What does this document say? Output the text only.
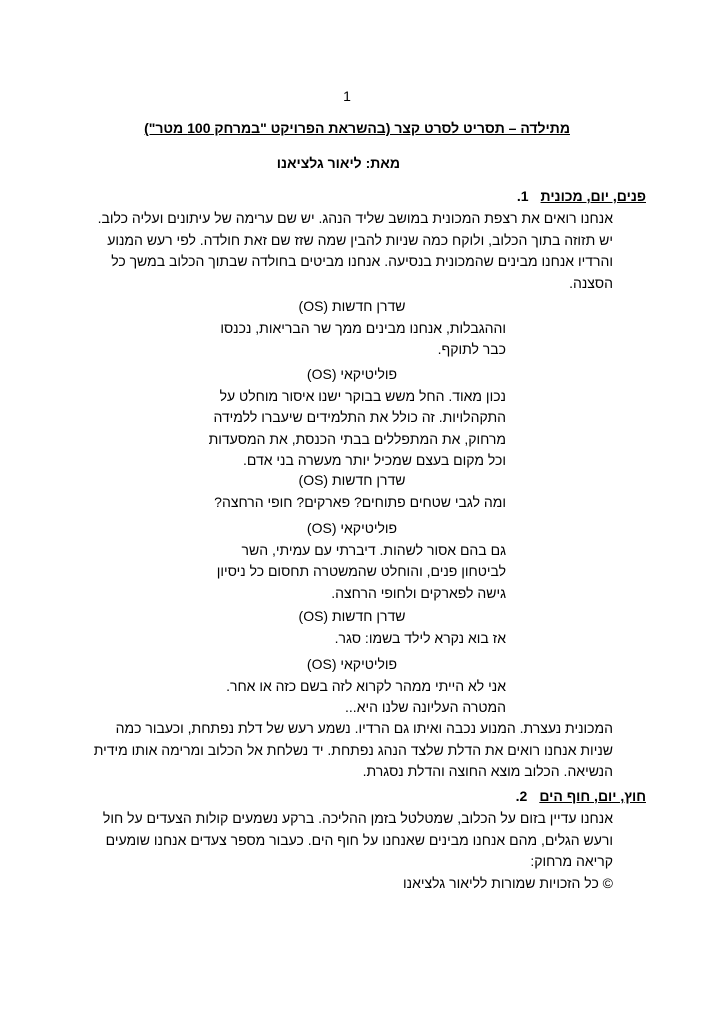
1
מתילדה – תסריט לסרט קצר (בהשראת הפרויקט "במרחק 100 מטר")
מאת: ליאור גלציאנו
פנים, יום, מכונית1.
אנחנו רואים את רצפת המכונית במושב שליד הנהג. יש שם ערימה של עיתונים ועליה כלוב.
יש תזוזה בתוך הכלוב, ולוקח כמה שניות להבין שמה שזז שם זאת חולדה. לפי רעש המנוע
והרדיו אנחנו מבינים שהמכונית בנסיעה. אנחנו מביטים בחולדה שבתוך הכלוב במשך כל
הסצנה.
שדרן חדשות (OS)
וההגבלות, אנחנו מבינים ממך שר הבריאות, נכנסו
כבר לתוקף.
פוליטיקאי (OS)
נכון מאוד. החל משש בבוקר ישנו איסור מוחלט על
התקהלויות. זה כולל את התלמידים שיעברו ללמידה
מרחוק, את המתפללים בבתי הכנסת, את המסעדות
וכל מקום בעצם שמכיל יותר מעשרה בני אדם.
שדרן חדשות (OS)
ומה לגבי שטחים פתוחים? פארקים? חופי הרחצה?
פוליטיקאי (OS)
גם בהם אסור לשהות. דיברתי עם עמיתי, השר
לביטחון פנים, והוחלט שהמשטרה תחסום כל ניסיון
גישה לפארקים ולחופי הרחצה.
שדרן חדשות (OS)
אז בוא נקרא לילד בשמו: סגר.
פוליטיקאי (OS)
אני לא הייתי ממהר לקרוא לזה בשם כזה או אחר.
המטרה העליונה שלנו היא...
המכונית נעצרת. המנוע נכבה ואיתו גם הרדיו. נשמע רעש של דלת נפתחת, וכעבור כמה
שניות אנחנו רואים את הדלת שלצד הנהג נפתחת. יד נשלחת אל הכלוב ומרימה אותו מידית
הנשיאה. הכלוב מוצא החוצה והדלת נסגרת.
חוץ, יום, חוף הים2.
אנחנו עדיין בזום על הכלוב, שמטלטל בזמן ההליכה. ברקע נשמעים קולות הצעדים על חול
ורעש הגלים, מהם אנחנו מבינים שאנחנו על חוף הים. כעבור מספר צעדים אנחנו שומעים
קריאה מרחוק:
© כל הזכויות שמורות לליאור גלציאנו
